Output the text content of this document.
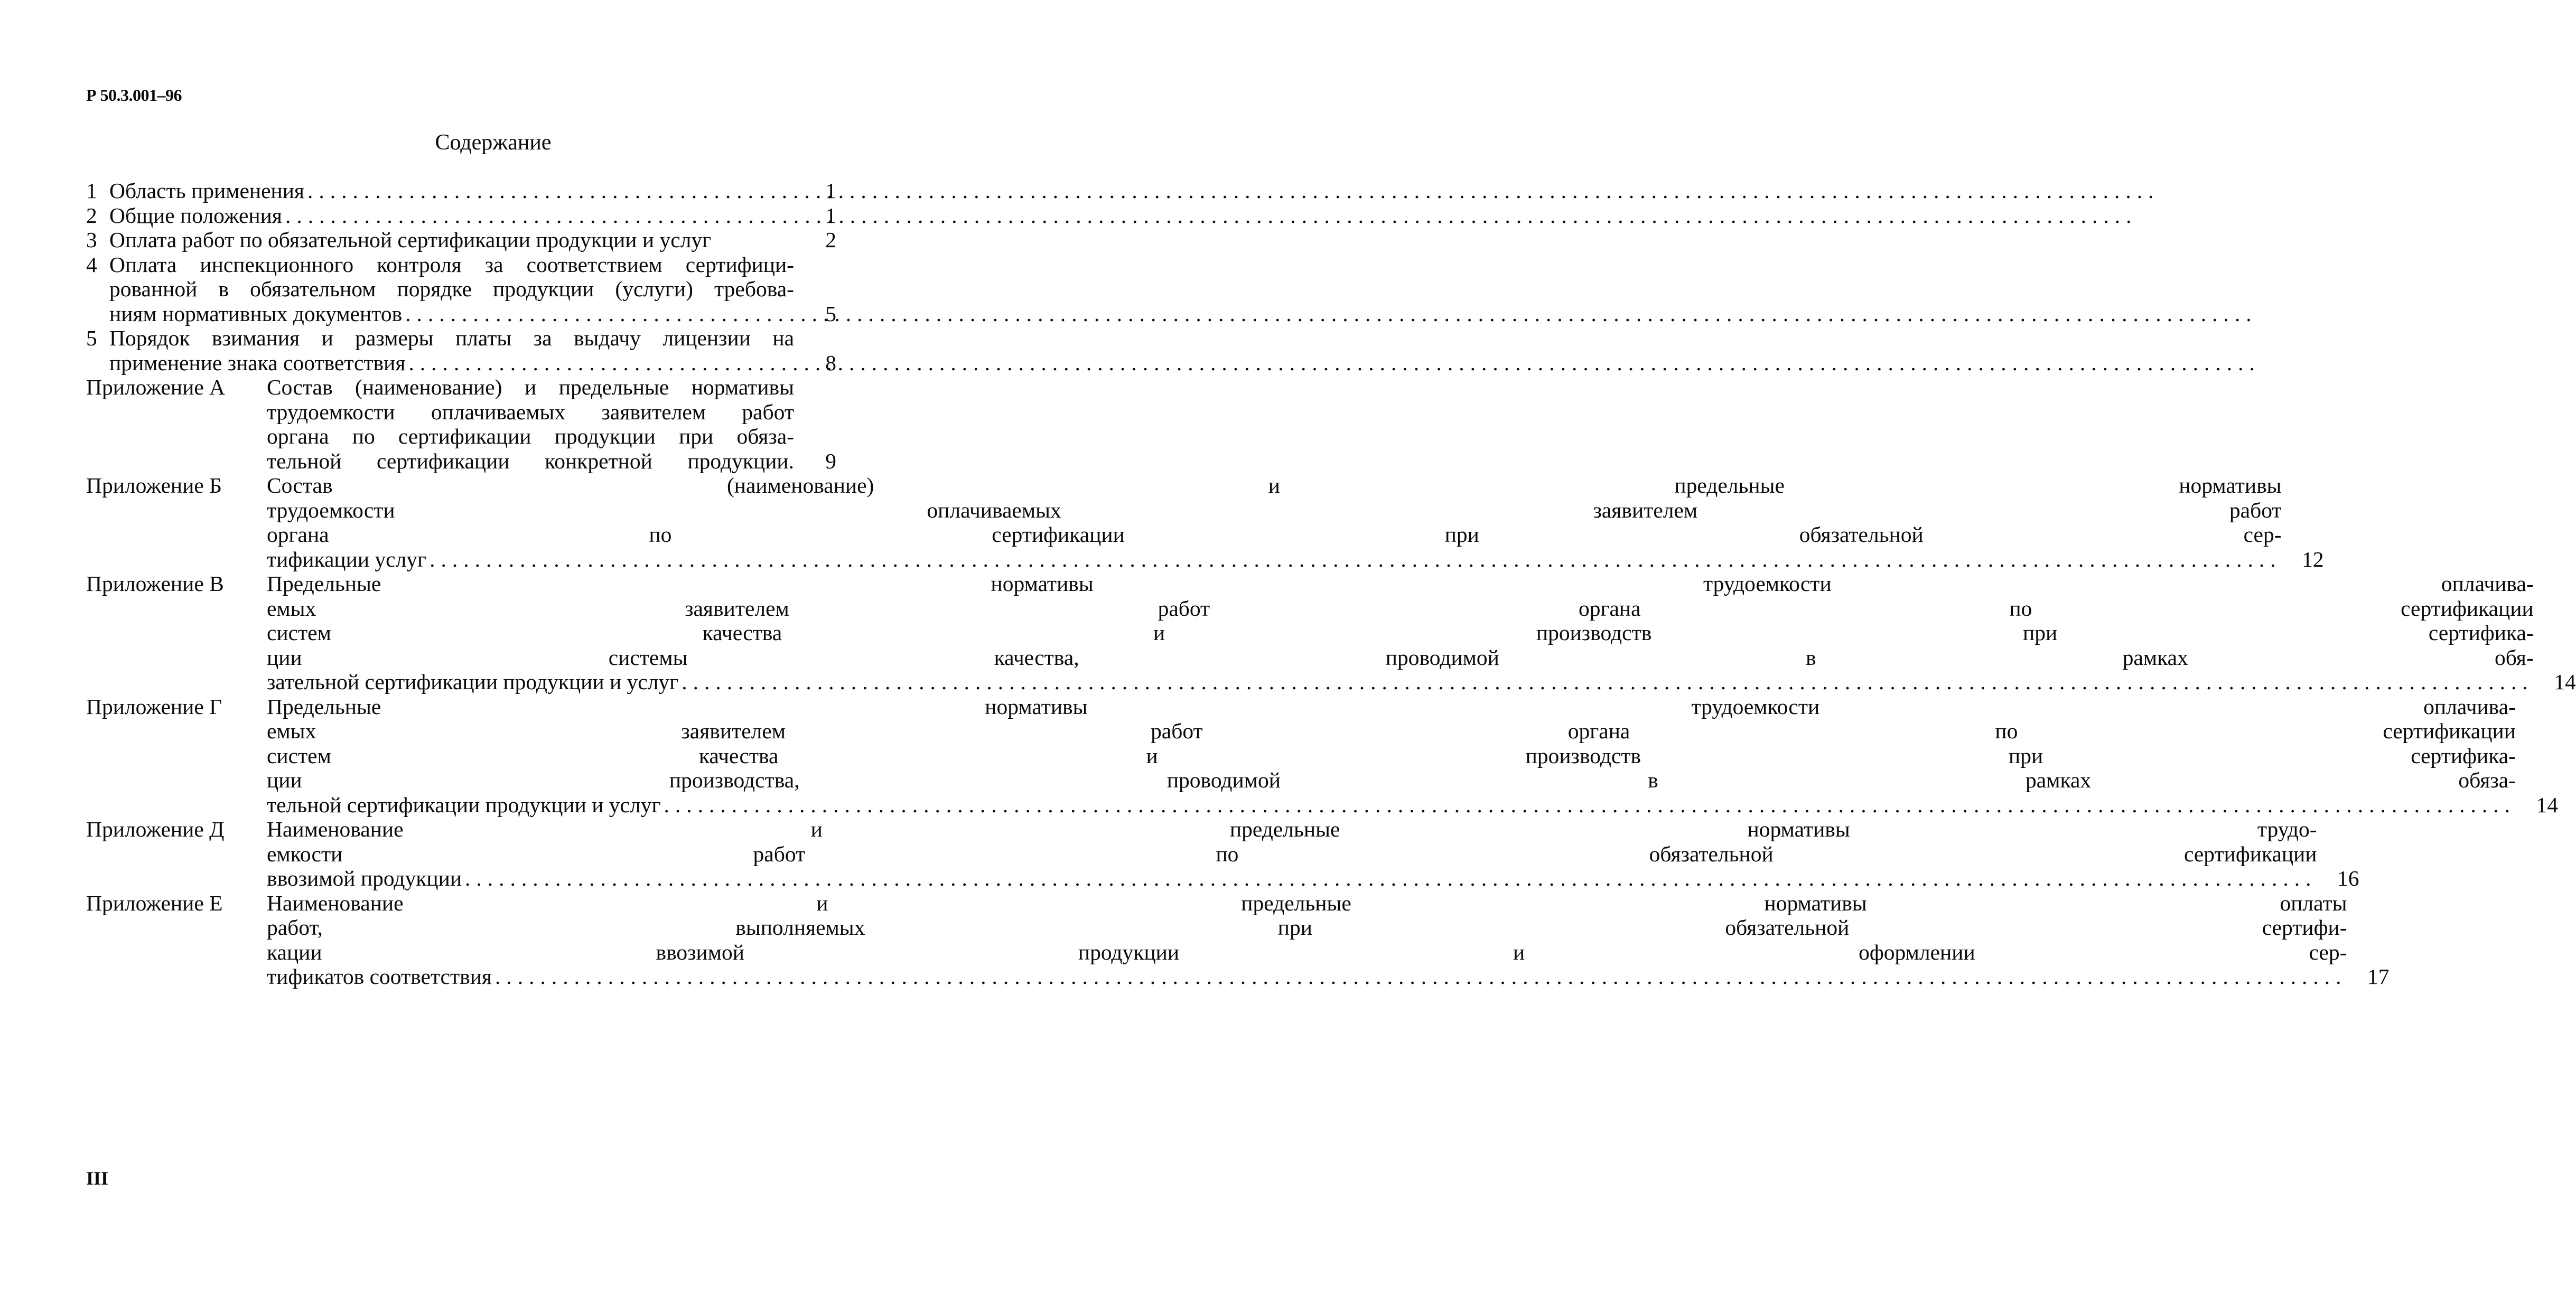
Р 50.3.001–96
Содержание
1 Область применения .....	1
2 Общие положения .....	1
3 Оплата работ по обязательной сертификации продукции и услуг	2
4 Оплата инспекционного контроля за соответствием сертифици-
рованной в обязательном порядке продукции (услуги) требова-
ниям нормативных документов .....	5
5 Порядок взимания и размеры платы за выдачу лицензии на
применение знака соответствия .....	8
Приложение А	Состав (наименование) и предельные нормативы
трудоемкости оплачиваемых заявителем работ
органа по сертификации продукции при обяза-
тельной сертификации конкретной продукции.	9
Приложение Б	Состав (наименование) и предельные нормативы
трудоемкости оплачиваемых заявителем работ
органа по сертификации при обязательной сер-
тификации услуг .....	12
Приложение В	Предельные нормативы трудоемкости оплачива-
емых заявителем работ органа по сертификации
систем качества и производств при сертифика-
ции системы качества, проводимой в рамках обя-
зательной сертификации продукции и услуг .....	14
Приложение Г	Предельные нормативы трудоемкости оплачива-
емых заявителем работ органа по сертификации
систем качества и производств при сертифика-
ции производства, проводимой в рамках обяза-
тельной сертификации продукции и услуг .....	14
Приложение Д	Наименование и предельные нормативы трудо-
емкости работ по обязательной сертификации
ввозимой продукции .....	16
Приложение Е	Наименование и предельные нормативы оплаты
работ, выполняемых при обязательной сертифи-
кации ввозимой продукции и оформлении сер-
тификатов соответствия .....	17
III
